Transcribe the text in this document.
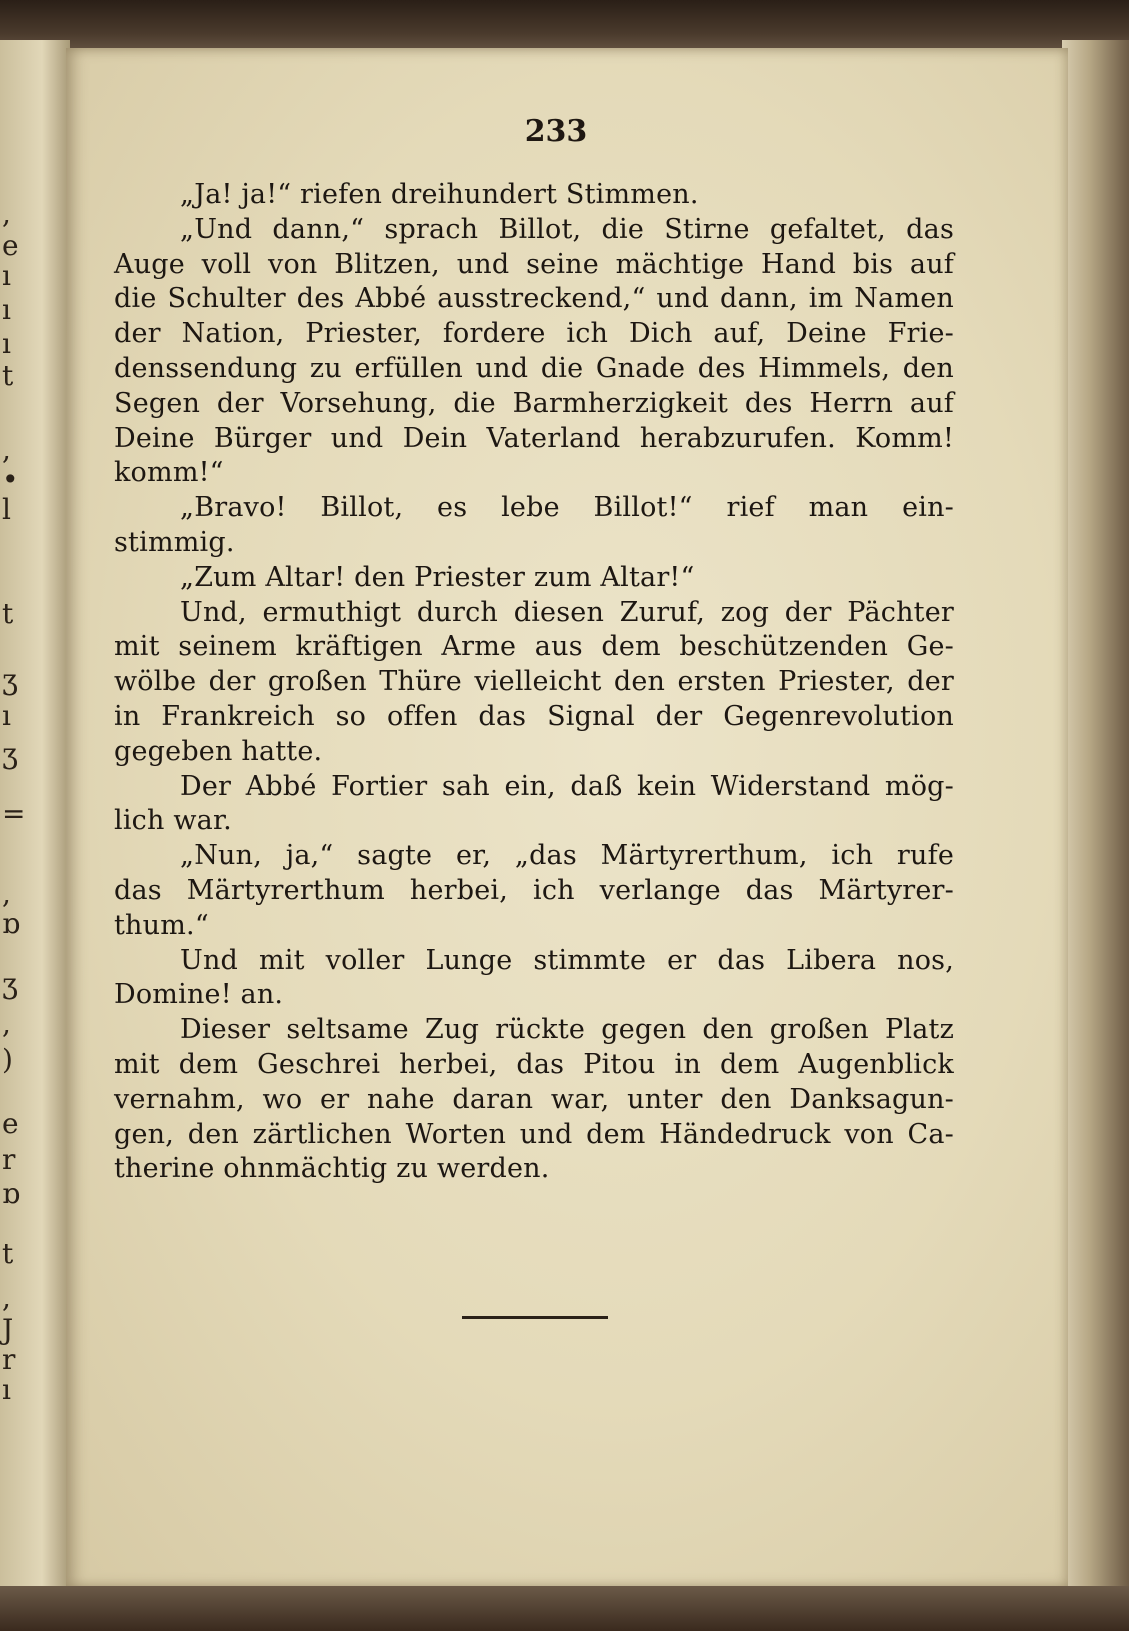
,
e
ı
ı
ı
t
,
•
l
t
ʒ
ı
ʒ
=
,
ɒ
ʒ
,
)
e
r
ɒ
t
,
J
r
ı
233
„Ja! ja!“ riefen dreihundert Stimmen.
„Und dann,“ sprach Billot, die Stirne gefaltet, das
Auge voll von Blitzen, und seine mächtige Hand bis auf
die Schulter des Abbé ausstreckend,“ und dann, im Namen
der Nation, Priester, fordere ich Dich auf, Deine Frie-
denssendung zu erfüllen und die Gnade des Himmels, den
Segen der Vorsehung, die Barmherzigkeit des Herrn auf
Deine Bürger und Dein Vaterland herabzurufen. Komm!
komm!“
„Bravo! Billot, es lebe Billot!“ rief man ein-
stimmig.
„Zum Altar! den Priester zum Altar!“
Und, ermuthigt durch diesen Zuruf, zog der Pächter
mit seinem kräftigen Arme aus dem beschützenden Ge-
wölbe der großen Thüre vielleicht den ersten Priester, der
in Frankreich so offen das Signal der Gegenrevolution
gegeben hatte.
Der Abbé Fortier sah ein, daß kein Widerstand mög-
lich war.
„Nun, ja,“ sagte er, „das Märtyrerthum, ich rufe
das Märtyrerthum herbei, ich verlange das Märtyrer-
thum.“
Und mit voller Lunge stimmte er das Libera nos,
Domine! an.
Dieser seltsame Zug rückte gegen den großen Platz
mit dem Geschrei herbei, das Pitou in dem Augenblick
vernahm, wo er nahe daran war, unter den Danksagun-
gen, den zärtlichen Worten und dem Händedruck von Ca-
therine ohnmächtig zu werden.
